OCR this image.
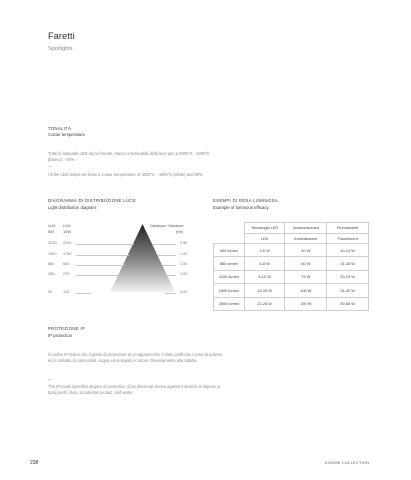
Faretti
Spotlights
TONALITÀ
Colour temperature
Tutte le lampade LED da noi fornite, hanno una tonalità della luce pari a 3000°K - 4000°K (bianco) - 90%
—
All the LED lamps we have a colour temperature of 3000°K - 4000°K (white) and 90%
DIAGRAMMA DI DISTRIBUZIONE LUCE
Light distribution diagram.
LUX LUX
5W 10W
Distanza / Distance
(mt)
3230 2250	0,50
1940 1750	1,00
880 600	1,50
285 270	1,00
90	115	3,00
ESEMPI DI RESA LUMINOSA.
Example of luminous efficacy.
	Tecnologia LED	Incandescenza	Fluorescenti
	LED	Incandescent	Fluorescent
400 lumen	3-6 W	40 W	10-14 W
880 lumen	6-8 W	60 W	14-16 W
1100 lumen	8-12 W	75 W	20-24 W
1600 lumen	13-15 W	100 W	24-32 W
2600 lumen	21-25 W	150 W	39-65 W
PROTEZIONE IP
IP protection
Il codice IP indica che il grado di protezione di un apparecchio è stato verificato contro la polvere ed il contatto di corpi solidi, acqua ed al liquido e colore. Diversamente alla tabella.
—
The IP Code specifies degree of protection of an electrical device against intrusion of objects or body parts; dust, accidental contact, and water.
238	KOOME COLLECTION
